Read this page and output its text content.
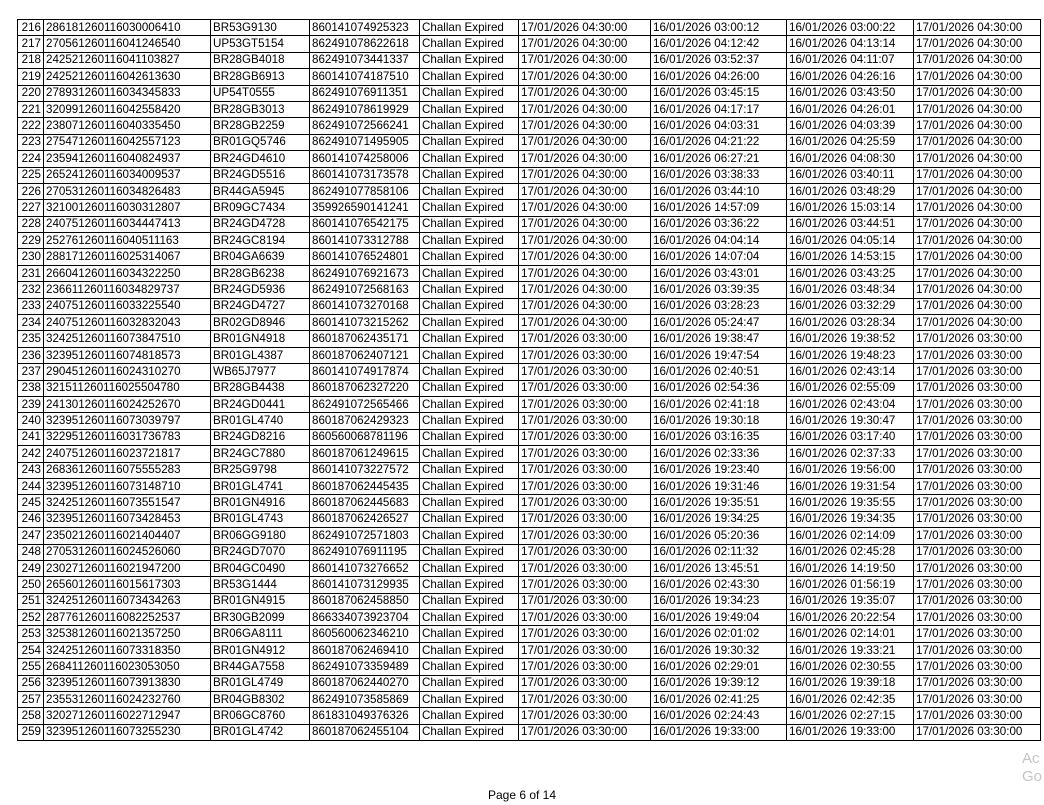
216	286181260116030006410	BR53G9130	860141074925323	Challan Expired	17/01/2026 04:30:00	16/01/2026 03:00:12	16/01/2026 03:00:22	17/01/2026 04:30:00
217	270561260116041246540	UP53GT5154	862491078622618	Challan Expired	17/01/2026 04:30:00	16/01/2026 04:12:42	16/01/2026 04:13:14	17/01/2026 04:30:00
218	242521260116041103827	BR28GB4018	862491073441337	Challan Expired	17/01/2026 04:30:00	16/01/2026 03:52:37	16/01/2026 04:11:07	17/01/2026 04:30:00
219	242521260116042613630	BR28GB6913	860141074187510	Challan Expired	17/01/2026 04:30:00	16/01/2026 04:26:00	16/01/2026 04:26:16	17/01/2026 04:30:00
220	278931260116034345833	UP54T0555	862491076911351	Challan Expired	17/01/2026 04:30:00	16/01/2026 03:45:15	16/01/2026 03:43:50	17/01/2026 04:30:00
221	320991260116042558420	BR28GB3013	862491078619929	Challan Expired	17/01/2026 04:30:00	16/01/2026 04:17:17	16/01/2026 04:26:01	17/01/2026 04:30:00
222	238071260116040335450	BR28GB2259	862491072566241	Challan Expired	17/01/2026 04:30:00	16/01/2026 04:03:31	16/01/2026 04:03:39	17/01/2026 04:30:00
223	275471260116042557123	BR01GQ5746	862491071495905	Challan Expired	17/01/2026 04:30:00	16/01/2026 04:21:22	16/01/2026 04:25:59	17/01/2026 04:30:00
224	235941260116040824937	BR24GD4610	860141074258006	Challan Expired	17/01/2026 04:30:00	16/01/2026 06:27:21	16/01/2026 04:08:30	17/01/2026 04:30:00
225	265241260116034009537	BR24GD5516	860141073173578	Challan Expired	17/01/2026 04:30:00	16/01/2026 03:38:33	16/01/2026 03:40:11	17/01/2026 04:30:00
226	270531260116034826483	BR44GA5945	862491077858106	Challan Expired	17/01/2026 04:30:00	16/01/2026 03:44:10	16/01/2026 03:48:29	17/01/2026 04:30:00
227	321001260116030312807	BR09GC7434	359926590141241	Challan Expired	17/01/2026 04:30:00	16/01/2026 14:57:09	16/01/2026 15:03:14	17/01/2026 04:30:00
228	240751260116034447413	BR24GD4728	860141076542175	Challan Expired	17/01/2026 04:30:00	16/01/2026 03:36:22	16/01/2026 03:44:51	17/01/2026 04:30:00
229	252761260116040511163	BR24GC8194	860141073312788	Challan Expired	17/01/2026 04:30:00	16/01/2026 04:04:14	16/01/2026 04:05:14	17/01/2026 04:30:00
230	288171260116025314067	BR04GA6639	860141076524801	Challan Expired	17/01/2026 04:30:00	16/01/2026 14:07:04	16/01/2026 14:53:15	17/01/2026 04:30:00
231	266041260116034322250	BR28GB6238	862491076921673	Challan Expired	17/01/2026 04:30:00	16/01/2026 03:43:01	16/01/2026 03:43:25	17/01/2026 04:30:00
232	236611260116034829737	BR24GD5936	862491072568163	Challan Expired	17/01/2026 04:30:00	16/01/2026 03:39:35	16/01/2026 03:48:34	17/01/2026 04:30:00
233	240751260116033225540	BR24GD4727	860141073270168	Challan Expired	17/01/2026 04:30:00	16/01/2026 03:28:23	16/01/2026 03:32:29	17/01/2026 04:30:00
234	240751260116032832043	BR02GD8946	860141073215262	Challan Expired	17/01/2026 04:30:00	16/01/2026 05:24:47	16/01/2026 03:28:34	17/01/2026 04:30:00
235	324251260116073847510	BR01GN4918	860187062435171	Challan Expired	17/01/2026 03:30:00	16/01/2026 19:38:47	16/01/2026 19:38:52	17/01/2026 03:30:00
236	323951260116074818573	BR01GL4387	860187062407121	Challan Expired	17/01/2026 03:30:00	16/01/2026 19:47:54	16/01/2026 19:48:23	17/01/2026 03:30:00
237	290451260116024310270	WB65J7977	860141074917874	Challan Expired	17/01/2026 03:30:00	16/01/2026 02:40:51	16/01/2026 02:43:14	17/01/2026 03:30:00
238	321511260116025504780	BR28GB4438	860187062327220	Challan Expired	17/01/2026 03:30:00	16/01/2026 02:54:36	16/01/2026 02:55:09	17/01/2026 03:30:00
239	241301260116024252670	BR24GD0441	862491072565466	Challan Expired	17/01/2026 03:30:00	16/01/2026 02:41:18	16/01/2026 02:43:04	17/01/2026 03:30:00
240	323951260116073039797	BR01GL4740	860187062429323	Challan Expired	17/01/2026 03:30:00	16/01/2026 19:30:18	16/01/2026 19:30:47	17/01/2026 03:30:00
241	322951260116031736783	BR24GD8216	860560068781196	Challan Expired	17/01/2026 03:30:00	16/01/2026 03:16:35	16/01/2026 03:17:40	17/01/2026 03:30:00
242	240751260116023721817	BR24GC7880	860187061249615	Challan Expired	17/01/2026 03:30:00	16/01/2026 02:33:36	16/01/2026 02:37:33	17/01/2026 03:30:00
243	268361260116075555283	BR25G9798	860141073227572	Challan Expired	17/01/2026 03:30:00	16/01/2026 19:23:40	16/01/2026 19:56:00	17/01/2026 03:30:00
244	323951260116073148710	BR01GL4741	860187062445435	Challan Expired	17/01/2026 03:30:00	16/01/2026 19:31:46	16/01/2026 19:31:54	17/01/2026 03:30:00
245	324251260116073551547	BR01GN4916	860187062445683	Challan Expired	17/01/2026 03:30:00	16/01/2026 19:35:51	16/01/2026 19:35:55	17/01/2026 03:30:00
246	323951260116073428453	BR01GL4743	860187062426527	Challan Expired	17/01/2026 03:30:00	16/01/2026 19:34:25	16/01/2026 19:34:35	17/01/2026 03:30:00
247	235021260116021404407	BR06GG9180	862491072571803	Challan Expired	17/01/2026 03:30:00	16/01/2026 05:20:36	16/01/2026 02:14:09	17/01/2026 03:30:00
248	270531260116024526060	BR24GD7070	862491076911195	Challan Expired	17/01/2026 03:30:00	16/01/2026 02:11:32	16/01/2026 02:45:28	17/01/2026 03:30:00
249	230271260116021947200	BR04GC0490	860141073276652	Challan Expired	17/01/2026 03:30:00	16/01/2026 13:45:51	16/01/2026 14:19:50	17/01/2026 03:30:00
250	265601260116015617303	BR53G1444	860141073129935	Challan Expired	17/01/2026 03:30:00	16/01/2026 02:43:30	16/01/2026 01:56:19	17/01/2026 03:30:00
251	324251260116073434263	BR01GN4915	860187062458850	Challan Expired	17/01/2026 03:30:00	16/01/2026 19:34:23	16/01/2026 19:35:07	17/01/2026 03:30:00
252	287761260116082252537	BR30GB2099	866334073923704	Challan Expired	17/01/2026 03:30:00	16/01/2026 19:49:04	16/01/2026 20:22:54	17/01/2026 03:30:00
253	325381260116021357250	BR06GA8111	860560062346210	Challan Expired	17/01/2026 03:30:00	16/01/2026 02:01:02	16/01/2026 02:14:01	17/01/2026 03:30:00
254	324251260116073318350	BR01GN4912	860187062469410	Challan Expired	17/01/2026 03:30:00	16/01/2026 19:30:32	16/01/2026 19:33:21	17/01/2026 03:30:00
255	268411260116023053050	BR44GA7558	862491073359489	Challan Expired	17/01/2026 03:30:00	16/01/2026 02:29:01	16/01/2026 02:30:55	17/01/2026 03:30:00
256	323951260116073913830	BR01GL4749	860187062440270	Challan Expired	17/01/2026 03:30:00	16/01/2026 19:39:12	16/01/2026 19:39:18	17/01/2026 03:30:00
257	235531260116024232760	BR04GB8302	862491073585869	Challan Expired	17/01/2026 03:30:00	16/01/2026 02:41:25	16/01/2026 02:42:35	17/01/2026 03:30:00
258	320271260116022712947	BR06GC8760	861831049376326	Challan Expired	17/01/2026 03:30:00	16/01/2026 02:24:43	16/01/2026 02:27:15	17/01/2026 03:30:00
259	323951260116073255230	BR01GL4742	860187062455104	Challan Expired	17/01/2026 03:30:00	16/01/2026 19:33:00	16/01/2026 19:33:00	17/01/2026 03:30:00
Page 6 of 14
Ac
Go
